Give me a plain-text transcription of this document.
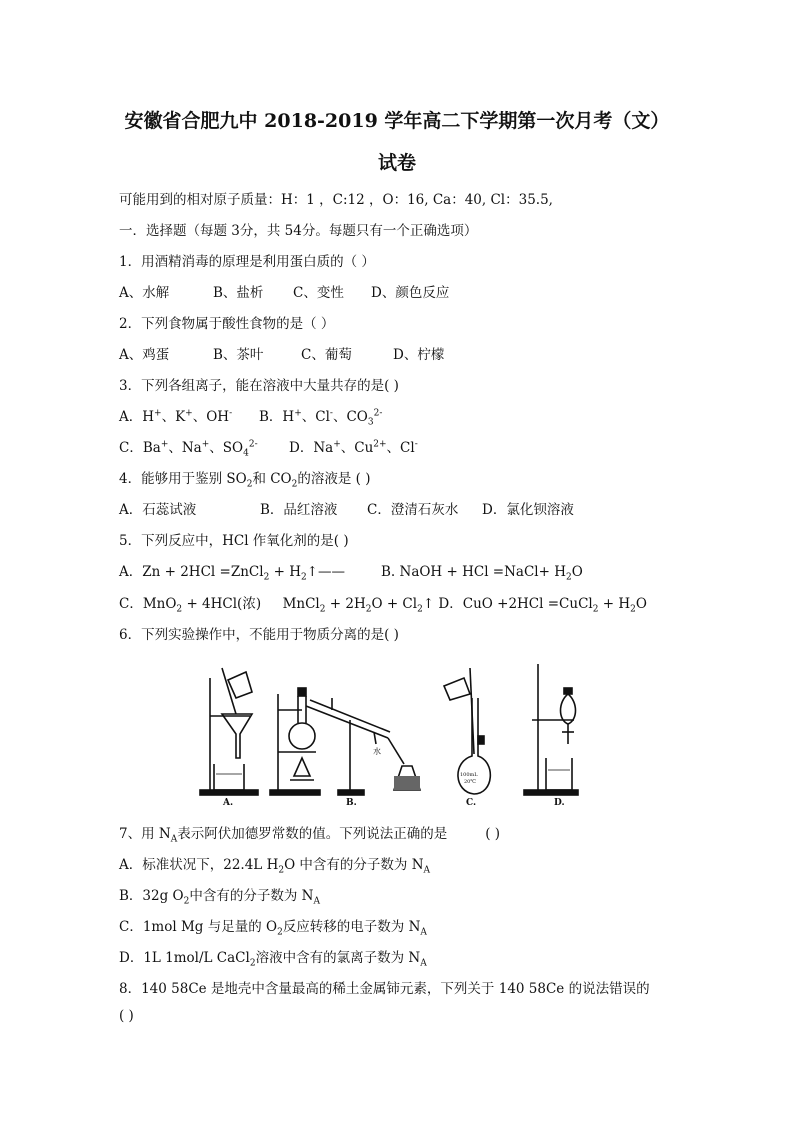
安徽省合肥九中 2018-2019 学年高二下学期第一次月考（文）
试卷
可能用到的相对原子质量：H：1 ，C:12 ，O：16, Ca：40, Cl：35.5,
一．选择题（每题 3分，共 54分。每题只有一个正确选项）
1．用酒精消毒的原理是利用蛋白质的（ ）
A、水解	B、盐析 C、变性 D、颜色反应
2．下列食物属于酸性食物的是（ ）
A、鸡蛋	B、茶叶	C、葡萄	D、柠檬
3．下列各组离子，能在溶液中大量共存的是( )
A．H+、K+、OH- B．H+、Cl-、$CO_3^{2-}$
C．Ba+、Na+、$SO_4^{2-}$ D．Na+、$Cu^{2+}$、Cl-
4．能够用于鉴别 $SO_2$和 $CO_2$的溶液是 ( )
A．石蕊试液	B．品红溶液 C．澄清石灰水 D．氯化钡溶液
5．下列反应中，HCl 作氧化剂的是( )
A．Zn + 2HCl =ZnCl$_2$ + $H_2↑——$	B. NaOH + HCl =NaCl+ $H_2O$
C．MnO$_2$ + 4HCl(浓) MnCl$_2$ + $2H_2O$ + $Cl_2↑$ D．CuO +2HCl =CuCl$_2$ + $H_2O$
6．下列实验操作中，不能用于物质分离的是( )
A.
水
B.
100mL
20℃
C.	D.
7、用 $N_A$表示阿伏加德罗常数的值。下列说法正确的是	( )
A．标准状况下，22.4L $H_2O$ 中含有的分子数为 $N_A$
B．32g $O_2$中含有的分子数为 $N_A$
C．1mol Mg 与足量的 $O_2$反应转移的电子数为 $N_A$
D．1L 1mol/L CaCl$_2$溶液中含有的氯离子数为 $N_A$
8．140 58Ce 是地壳中含量最高的稀土金属铈元素，下列关于 140 58Ce 的说法错误的
( )
